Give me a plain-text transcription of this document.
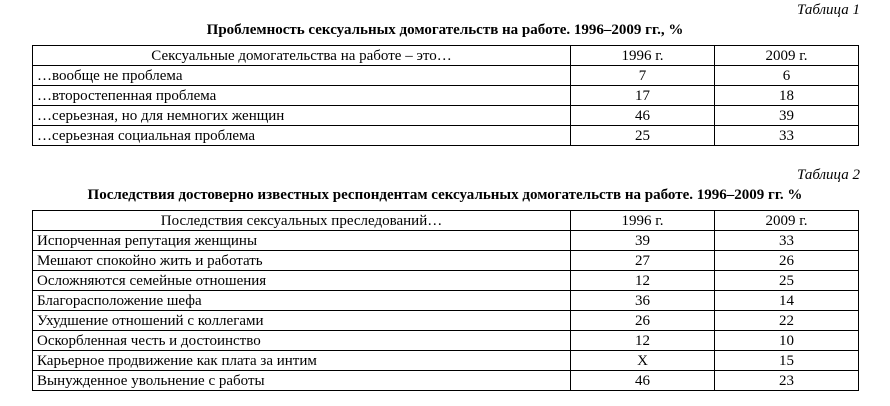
Таблица 1
Проблемность сексуальных домогательств на работе. 1996–2009 гг., %
Сексуальные домогательства на работе – это…	1996 г.	2009 г.
…вообще не проблема	7	6
…второстепенная проблема	17	18
…серьезная, но для немногих женщин	46	39
…серьезная социальная проблема	25	33
Таблица 2
Последствия достоверно известных респондентам сексуальных домогательств на работе. 1996–2009 гг. %
Последствия сексуальных преследований…	1996 г.	2009 г.
Испорченная репутация женщины	39	33
Мешают спокойно жить и работать	27	26
Осложняются семейные отношения	12	25
Благорасположение шефа	36	14
Ухудшение отношений с коллегами	26	22
Оскорбленная честь и достоинство	12	10
Карьерное продвижение как плата за интим	Х	15
Вынужденное увольнение с работы	46	23
